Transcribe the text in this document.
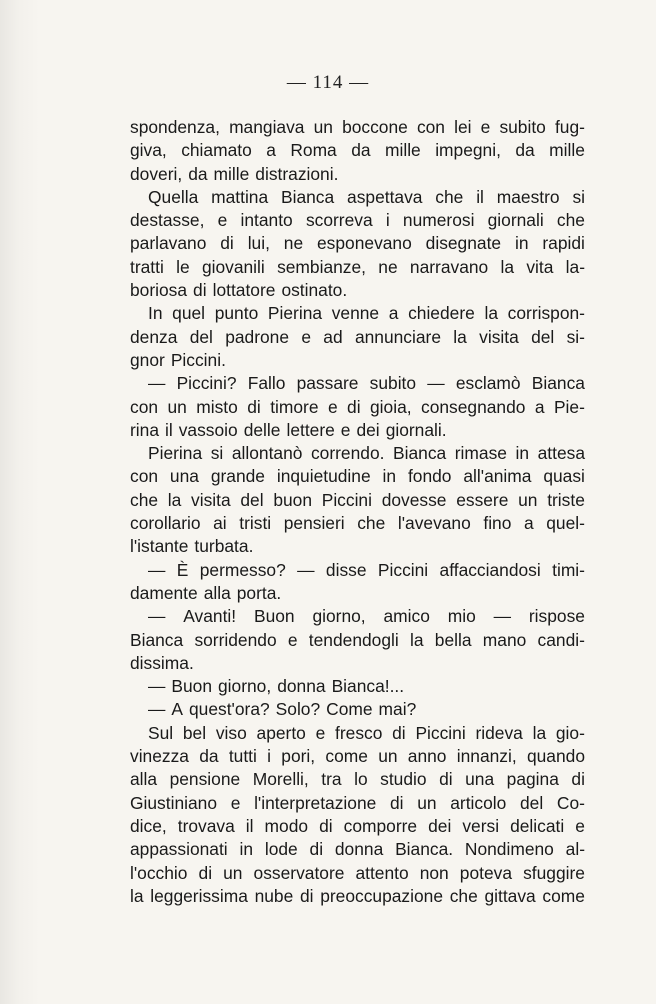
— 114 —
spondenza, mangiava un boccone con lei e subito fug-
giva, chiamato a Roma da mille impegni, da mille
doveri, da mille distrazioni.
Quella mattina Bianca aspettava che il maestro si
destasse, e intanto scorreva i numerosi giornali che
parlavano di lui, ne esponevano disegnate in rapidi
tratti le giovanili sembianze, ne narravano la vita la-
boriosa di lottatore ostinato.
In quel punto Pierina venne a chiedere la corrispon-
denza del padrone e ad annunciare la visita del si-
gnor Piccini.
— Piccini? Fallo passare subito — esclamò Bianca
con un misto di timore e di gioia, consegnando a Pie-
rina il vassoio delle lettere e dei giornali.
Pierina si allontanò correndo. Bianca rimase in attesa
con una grande inquietudine in fondo all'anima quasi
che la visita del buon Piccini dovesse essere un triste
corollario ai tristi pensieri che l'avevano fino a quel-
l'istante turbata.
— È permesso? — disse Piccini affacciandosi timi-
damente alla porta.
— Avanti! Buon giorno, amico mio — rispose
Bianca sorridendo e tendendogli la bella mano candi-
dissima.
— Buon giorno, donna Bianca!...
— A quest'ora? Solo? Come mai?
Sul bel viso aperto e fresco di Piccini rideva la gio-
vinezza da tutti i pori, come un anno innanzi, quando
alla pensione Morelli, tra lo studio di una pagina di
Giustiniano e l'interpretazione di un articolo del Co-
dice, trovava il modo di comporre dei versi delicati e
appassionati in lode di donna Bianca. Nondimeno al-
l'occhio di un osservatore attento non poteva sfuggire
la leggerissima nube di preoccupazione che gittava come
